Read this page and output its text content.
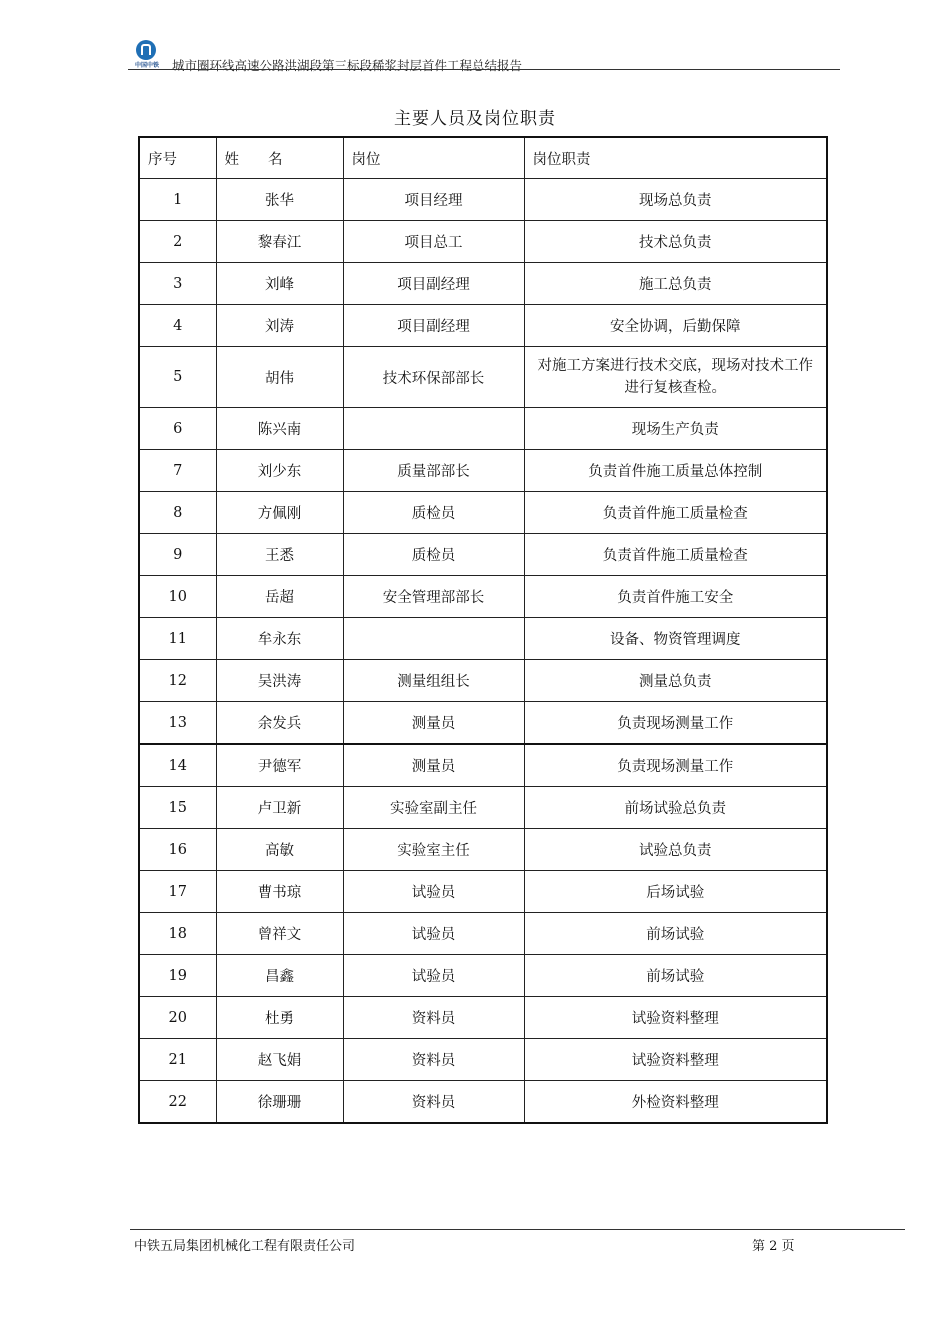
中国中铁	城市圈环线高速公路洪湖段第三标段稀浆封层首件工程总结报告
主要人员及岗位职责
序号	姓　　名	岗位	岗位职责
1	张华	项目经理	现场总负责
2	黎春江	项目总工	技术总负责
3	刘峰	项目副经理	施工总负责
4	刘涛	项目副经理	安全协调，后勤保障
5	胡伟	技术环保部部长	对施工方案进行技术交底，现场对技术工作进行复核查检。
6	陈兴南		现场生产负责
7	刘少东	质量部部长	负责首件施工质量总体控制
8	方佩刚	质检员	负责首件施工质量检查
9	王悉	质检员	负责首件施工质量检查
10	岳超	安全管理部部长	负责首件施工安全
11	牟永东		设备、物资管理调度
12	吴洪涛	测量组组长	测量总负责
13	余发兵	测量员	负责现场测量工作
14	尹德军	测量员	负责现场测量工作
15	卢卫新	实验室副主任	前场试验总负责
16	高敏	实验室主任	试验总负责
17	曹书琼	试验员	后场试验
18	曾祥文	试验员	前场试验
19	昌鑫	试验员	前场试验
20	杜勇	资料员	试验资料整理
21	赵飞娟	资料员	试验资料整理
22	徐珊珊	资料员	外检资料整理
中铁五局集团机械化工程有限责任公司	第 2 页
